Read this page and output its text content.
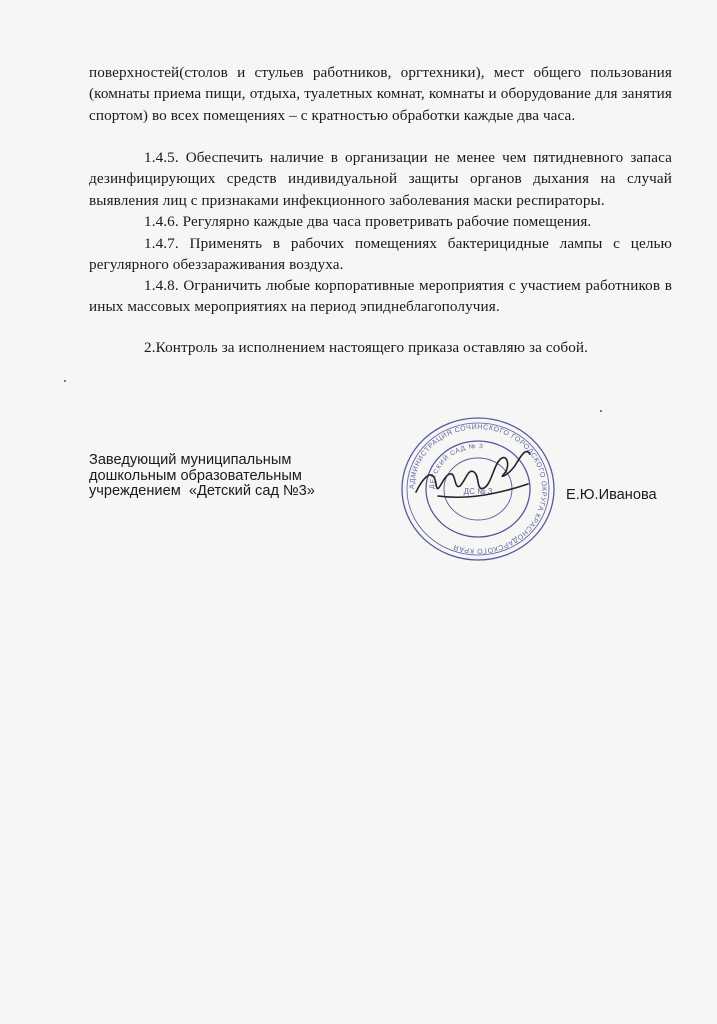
поверхностей(столов и стульев работников, оргтехники), мест общего пользования (комнаты приема пищи, отдыха, туалетных комнат, комнаты и оборудование для занятия спортом) во всех помещениях – с кратностью обработки каждые два часа.

1.4.5. Обеспечить наличие в организации не менее чем пятидневного запаса дезинфицирующих средств индивидуальной защиты органов дыхания на случай выявления лиц с признаками инфекционного заболевания маски респираторы.

1.4.6. Регулярно каждые два часа проветривать рабочие помещения.

1.4.7. Применять в рабочих помещениях бактерицидные лампы с целью регулярного обеззараживания воздуха.

1.4.8. Ограничить любые корпоративные мероприятия с участием работников в иных массовых мероприятиях на период эпиднеблагополучия.

2.Контроль за исполнением настоящего приказа оставляю за собой.

Заведующий муниципальным
дошкольным образовательным
учреждением  «Детский сад №3»	АДМИНИСТРАЦИЯ СОЧИНСКОГО ГОРОДСКОГО ОКРУГА КРАСНОДАРСКОГО КРАЯ
ДЕТСКИЙ САД № 3
ДС № 3	Е.Ю.Иванова
